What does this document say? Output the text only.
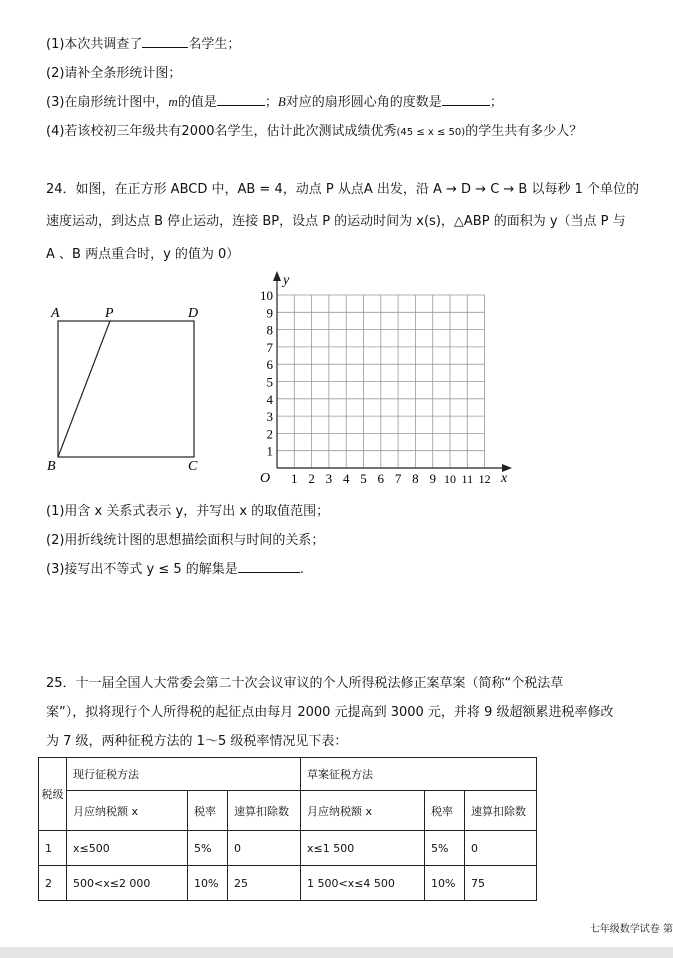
(1)本次共调查了	名学生；
(2)请补全条形统计图；
(3)在扇形统计图中，m的值是	；B对应的扇形圆心角的度数是	；
(4)若该校初三年级共有2000名学生，估计此次测试成绩优秀(45 ≤ x ≤ 50)的学生共有多少人？
24．如图，在正方形 ABCD 中，AB = 4，动点 P 从点A 出发，沿 A → D → C → B 以每秒 1 个单位的
速度运动，到达点 B 停止运动，连接 BP，设点 P 的运动时间为 x(s)，△ABP 的面积为 y（当点 P 与
A 、B 两点重合时，y 的值为 0）
A	P	D
B	C
1 2 3 4 5 6 7 8 9 10 11 12
1
2
3
4
5
6
7
8
9
10
O	x
y
(1)用含 x 关系式表示 y，并写出 x 的取值范围；
(2)用折线统计图的思想描绘面积与时间的关系；
(3)接写出不等式 y ≤ 5 的解集是	.
25．十一届全国人大常委会第二十次会议审议的个人所得税法修正案草案（简称“个税法草
案”），拟将现行个人所得税的起征点由每月 2000 元提高到 3000 元，并将 9 级超额累进税率修改
为 7 级，两种征税方法的 1～5 级税率情况见下表：
税级	现行征税方法			草案征税方法		
	月应纳税额 x	税率	速算扣除数	月应纳税额 x	税率	速算扣除数
1	x≤500	5%	0	x≤1 500	5%	0
2	500<x≤2 000	10%	25	1 500<x≤4 500	10%	75
七年级数学试卷 第
